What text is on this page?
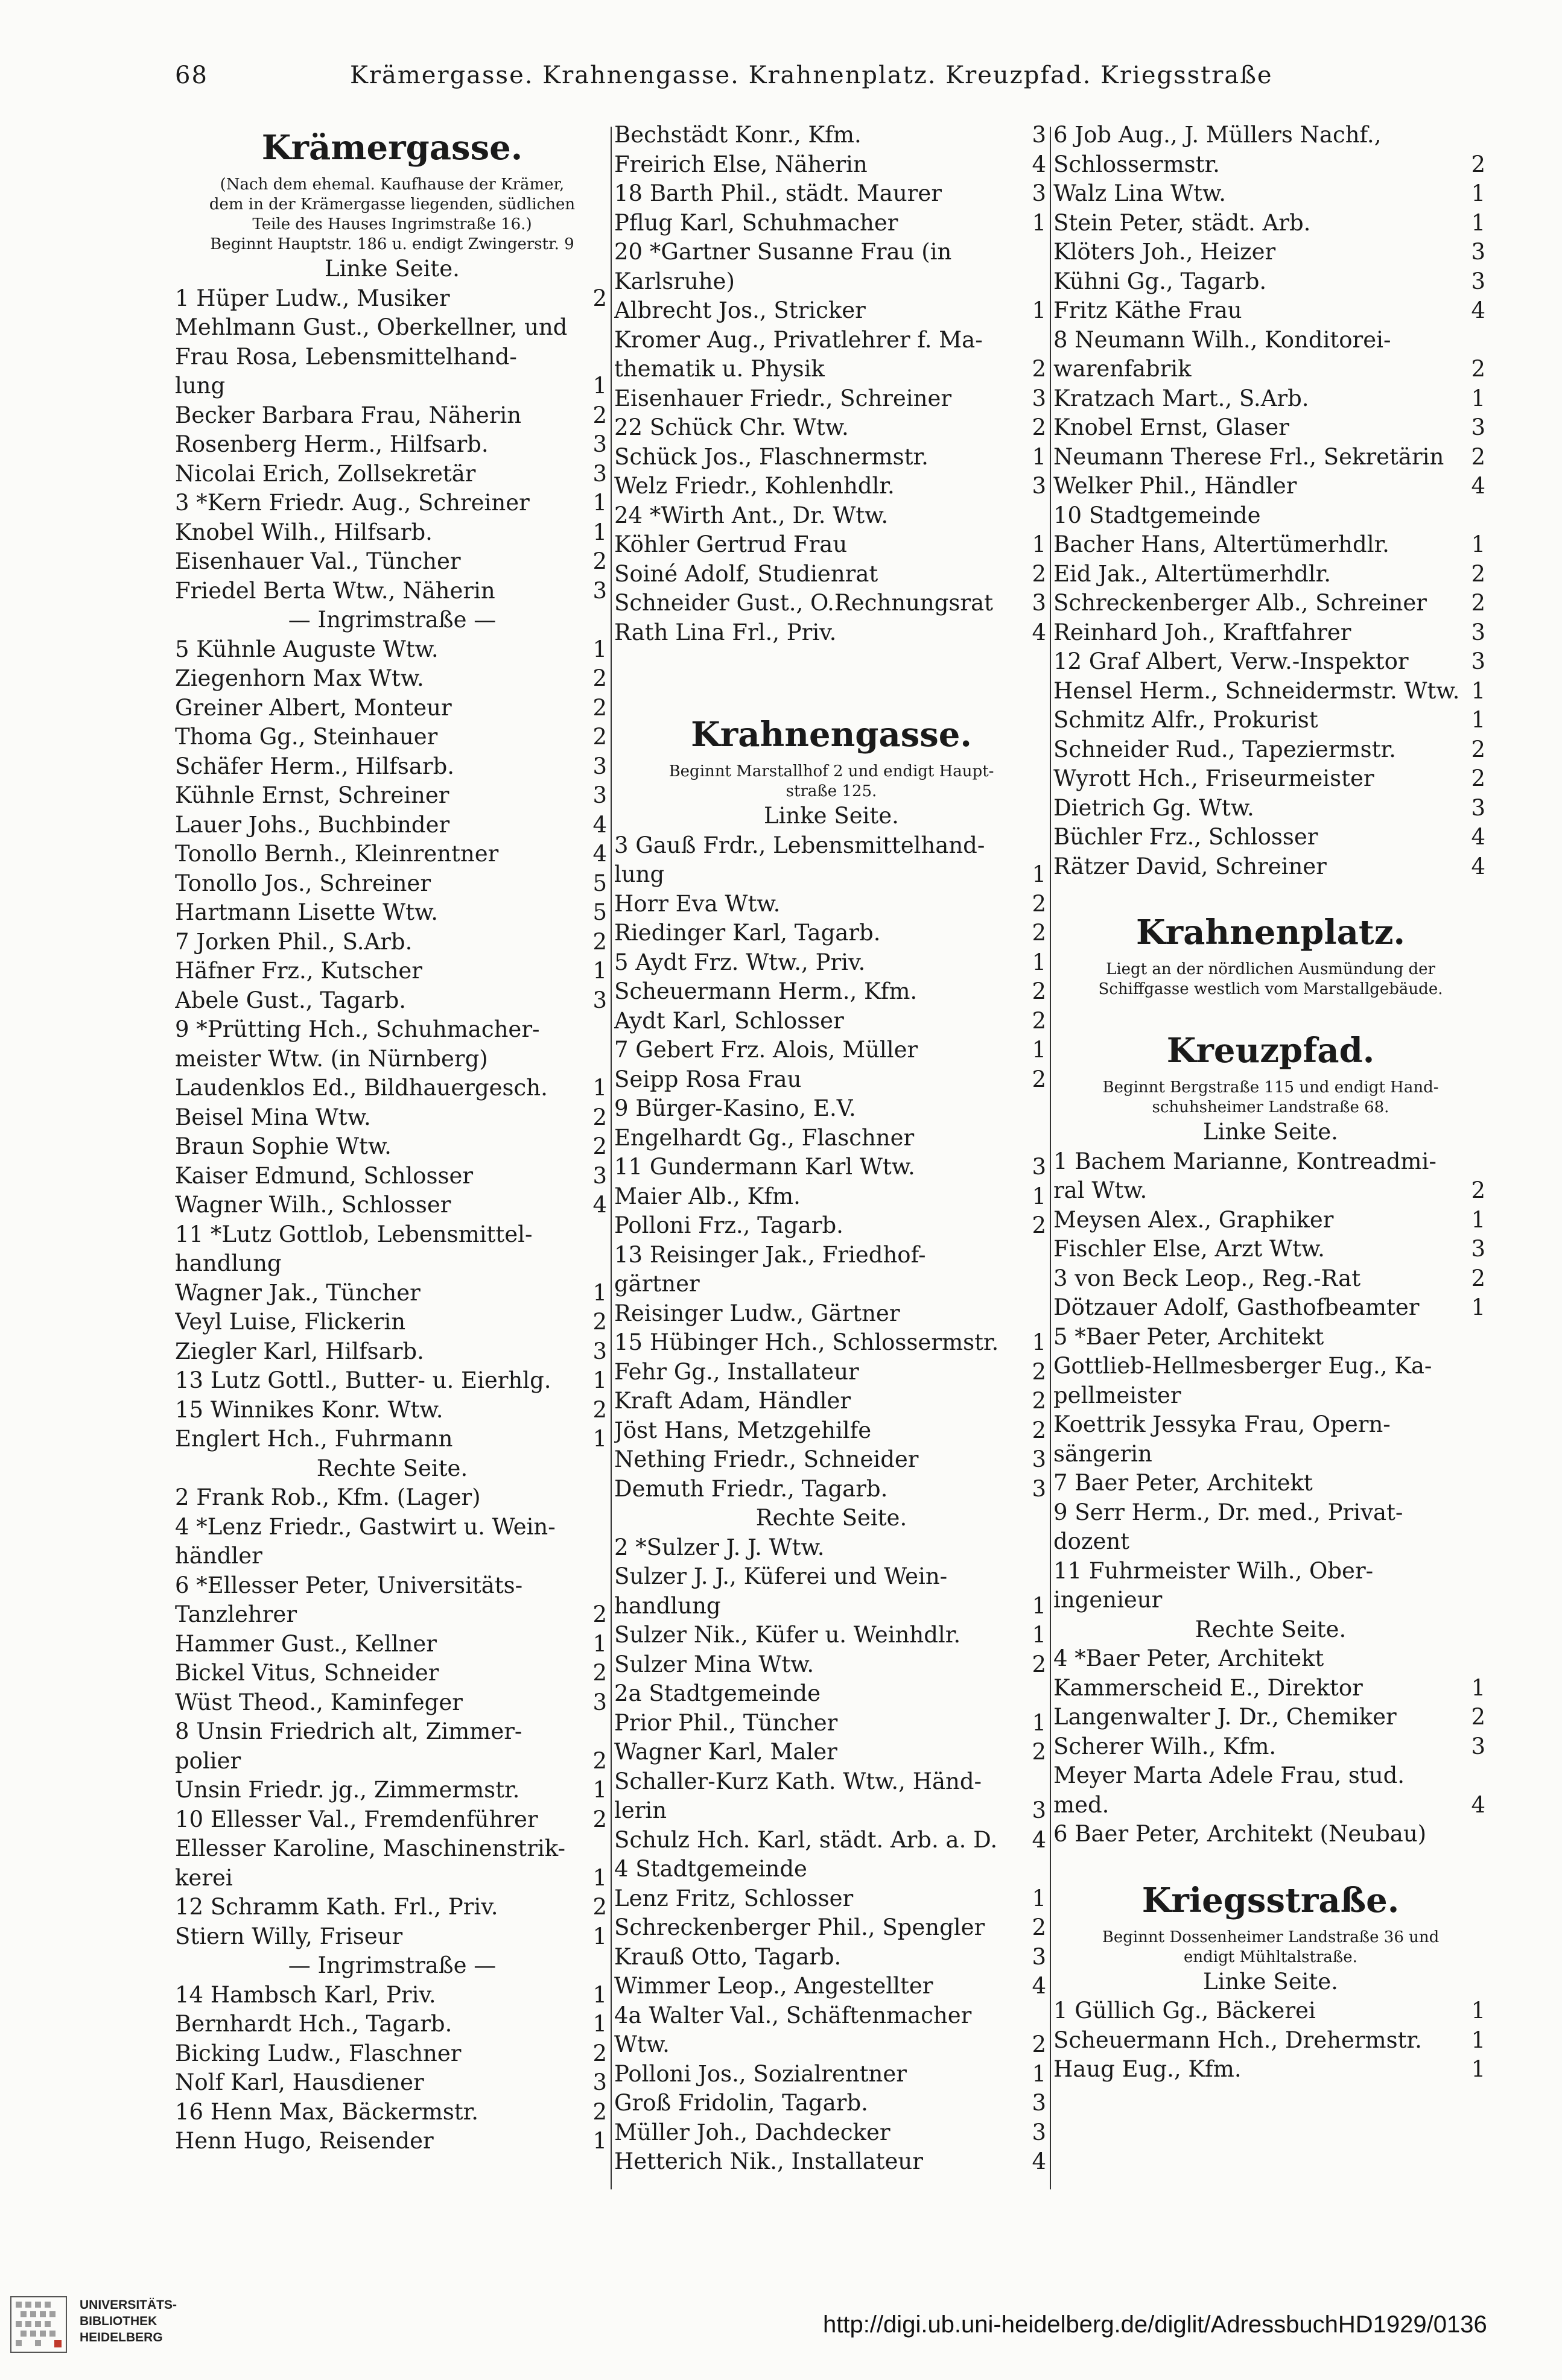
68	Krämergasse. Krahnengasse. Krahnenplatz. Kreuzpfad. Kriegsstraße
Krämergasse.
(Nach dem ehemal. Kaufhause der Krämer,
dem in der Krämergasse liegenden, südlichen
Teile des Hauses Ingrimstraße 16.)
Beginnt Hauptstr. 186 u. endigt Zwingerstr. 9
Linke Seite.
1 Hüper Ludw., Musiker	2
Mehlmann Gust., Oberkellner, und
Frau Rosa, Lebensmittelhand-
lung	1
Becker Barbara Frau, Näherin	2
Rosenberg Herm., Hilfsarb.	3
Nicolai Erich, Zollsekretär	3
3 *Kern Friedr. Aug., Schreiner	1
Knobel Wilh., Hilfsarb.	1
Eisenhauer Val., Tüncher	2
Friedel Berta Wtw., Näherin	3
— Ingrimstraße —
5 Kühnle Auguste Wtw.	1
Ziegenhorn Max Wtw.	2
Greiner Albert, Monteur	2
Thoma Gg., Steinhauer	2
Schäfer Herm., Hilfsarb.	3
Kühnle Ernst, Schreiner	3
Lauer Johs., Buchbinder	4
Tonollo Bernh., Kleinrentner	4
Tonollo Jos., Schreiner	5
Hartmann Lisette Wtw.	5
7 Jorken Phil., S.Arb.	2
Häfner Frz., Kutscher	1
Abele Gust., Tagarb.	3
9 *Prütting Hch., Schuhmacher-
meister Wtw. (in Nürnberg)
Laudenklos Ed., Bildhauergesch. 1
Beisel Mina Wtw.	2
Braun Sophie Wtw.	2
Kaiser Edmund, Schlosser	3
Wagner Wilh., Schlosser	4
11 *Lutz Gottlob, Lebensmittel-
handlung
Wagner Jak., Tüncher	1
Veyl Luise, Flickerin	2
Ziegler Karl, Hilfsarb.	3
13 Lutz Gottl., Butter- u. Eierhlg. 1
15 Winnikes Konr. Wtw.	2
Englert Hch., Fuhrmann	1
Rechte Seite.
2 Frank Rob., Kfm. (Lager)
4 *Lenz Friedr., Gastwirt u. Wein-
händler
6 *Ellesser Peter, Universitäts-
Tanzlehrer	2
Hammer Gust., Kellner	1
Bickel Vitus, Schneider	2
Wüst Theod., Kaminfeger	3
8 Unsin Friedrich alt, Zimmer-
polier	2
Unsin Friedr. jg., Zimmermstr.	1
10 Ellesser Val., Fremdenführer 2
Ellesser Karoline, Maschinenstrik-
kerei	1
12 Schramm Kath. Frl., Priv.	2
Stiern Willy, Friseur	1
— Ingrimstraße —
14 Hambsch Karl, Priv.	1
Bernhardt Hch., Tagarb.	1
Bicking Ludw., Flaschner	2
Nolf Karl, Hausdiener	3
16 Henn Max, Bäckermstr.	2
Henn Hugo, Reisender	1
Bechstädt Konr., Kfm.	3
Freirich Else, Näherin	4
18 Barth Phil., städt. Maurer	3
Pflug Karl, Schuhmacher	1
20 *Gartner Susanne Frau (in
Karlsruhe)
Albrecht Jos., Stricker	1
Kromer Aug., Privatlehrer f. Ma-
thematik u. Physik	2
Eisenhauer Friedr., Schreiner	3
22 Schück Chr. Wtw.	2
Schück Jos., Flaschnermstr.	1
Welz Friedr., Kohlenhdlr.	3
24 *Wirth Ant., Dr. Wtw.
Köhler Gertrud Frau	1
Soiné Adolf, Studienrat	2
Schneider Gust., O.Rechnungsrat 3
Rath Lina Frl., Priv.	4
Krahnengasse.
Beginnt Marstallhof 2 und endigt Haupt-
straße 125.
Linke Seite.
3 Gauß Frdr., Lebensmittelhand-
lung	1
Horr Eva Wtw.	2
Riedinger Karl, Tagarb.	2
5 Aydt Frz. Wtw., Priv.	1
Scheuermann Herm., Kfm.	2
Aydt Karl, Schlosser	2
7 Gebert Frz. Alois, Müller	1
Seipp Rosa Frau	2
9 Bürger-Kasino, E.V.
Engelhardt Gg., Flaschner
11 Gundermann Karl Wtw.	3
Maier Alb., Kfm.	1
Polloni Frz., Tagarb.	2
13 Reisinger Jak., Friedhof-
gärtner
Reisinger Ludw., Gärtner
15 Hübinger Hch., Schlossermstr. 1
Fehr Gg., Installateur	2
Kraft Adam, Händler	2
Jöst Hans, Metzgehilfe	2
Nething Friedr., Schneider	3
Demuth Friedr., Tagarb.	3
Rechte Seite.
2 *Sulzer J. J. Wtw.
Sulzer J. J., Küferei und Wein-
handlung	1
Sulzer Nik., Küfer u. Weinhdlr.	1
Sulzer Mina Wtw.	2
2a Stadtgemeinde
Prior Phil., Tüncher	1
Wagner Karl, Maler	2
Schaller-Kurz Kath. Wtw., Händ-
lerin	3
Schulz Hch. Karl, städt. Arb. a. D. 4
4 Stadtgemeinde
Lenz Fritz, Schlosser	1
Schreckenberger Phil., Spengler 2
Krauß Otto, Tagarb.	3
Wimmer Leop., Angestellter	4
4a Walter Val., Schäftenmacher
Wtw.	2
Polloni Jos., Sozialrentner	1
Groß Fridolin, Tagarb.	3
Müller Joh., Dachdecker	3
Hetterich Nik., Installateur	4
6 Job Aug., J. Müllers Nachf.,
Schlossermstr.	2
Walz Lina Wtw.	1
Stein Peter, städt. Arb.	1
Klöters Joh., Heizer	3
Kühni Gg., Tagarb.	3
Fritz Käthe Frau	4
8 Neumann Wilh., Konditorei-
warenfabrik	2
Kratzach Mart., S.Arb.	1
Knobel Ernst, Glaser	3
Neumann Therese Frl., Sekretärin 2
Welker Phil., Händler	4
10 Stadtgemeinde
Bacher Hans, Altertümerhdlr.	1
Eid Jak., Altertümerhdlr.	2
Schreckenberger Alb., Schreiner 2
Reinhard Joh., Kraftfahrer	3
12 Graf Albert, Verw.-Inspektor	3
Hensel Herm., Schneidermstr. Wtw. 1
Schmitz Alfr., Prokurist	1
Schneider Rud., Tapeziermstr.	2
Wyrott Hch., Friseurmeister	2
Dietrich Gg. Wtw.	3
Büchler Frz., Schlosser	4
Rätzer David, Schreiner	4
Krahnenplatz.
Liegt an der nördlichen Ausmündung der
Schiffgasse westlich vom Marstallgebäude.
Kreuzpfad.
Beginnt Bergstraße 115 und endigt Hand-
schuhsheimer Landstraße 68.
Linke Seite.
1 Bachem Marianne, Kontreadmi-
ral Wtw.	2
Meysen Alex., Graphiker	1
Fischler Else, Arzt Wtw.	3
3 von Beck Leop., Reg.-Rat	2
Dötzauer Adolf, Gasthofbeamter 1
5 *Baer Peter, Architekt
Gottlieb-Hellmesberger Eug., Ka-
pellmeister
Koettrik Jessyka Frau, Opern-
sängerin
7 Baer Peter, Architekt
9 Serr Herm., Dr. med., Privat-
dozent
11 Fuhrmeister Wilh., Ober-
ingenieur
Rechte Seite.
4 *Baer Peter, Architekt
Kammerscheid E., Direktor	1
Langenwalter J. Dr., Chemiker	2
Scherer Wilh., Kfm.	3
Meyer Marta Adele Frau, stud.
med.	4
6 Baer Peter, Architekt (Neubau)
Kriegsstraße.
Beginnt Dossenheimer Landstraße 36 und
endigt Mühltalstraße.
Linke Seite.
1 Güllich Gg., Bäckerei	1
Scheuermann Hch., Drehermstr. 1
Haug Eug., Kfm.	1
UNIVERSITÄTS-
BIBLIOTHEK
HEIDELBERG	http://digi.ub.uni-heidelberg.de/diglit/AdressbuchHD1929/0136
